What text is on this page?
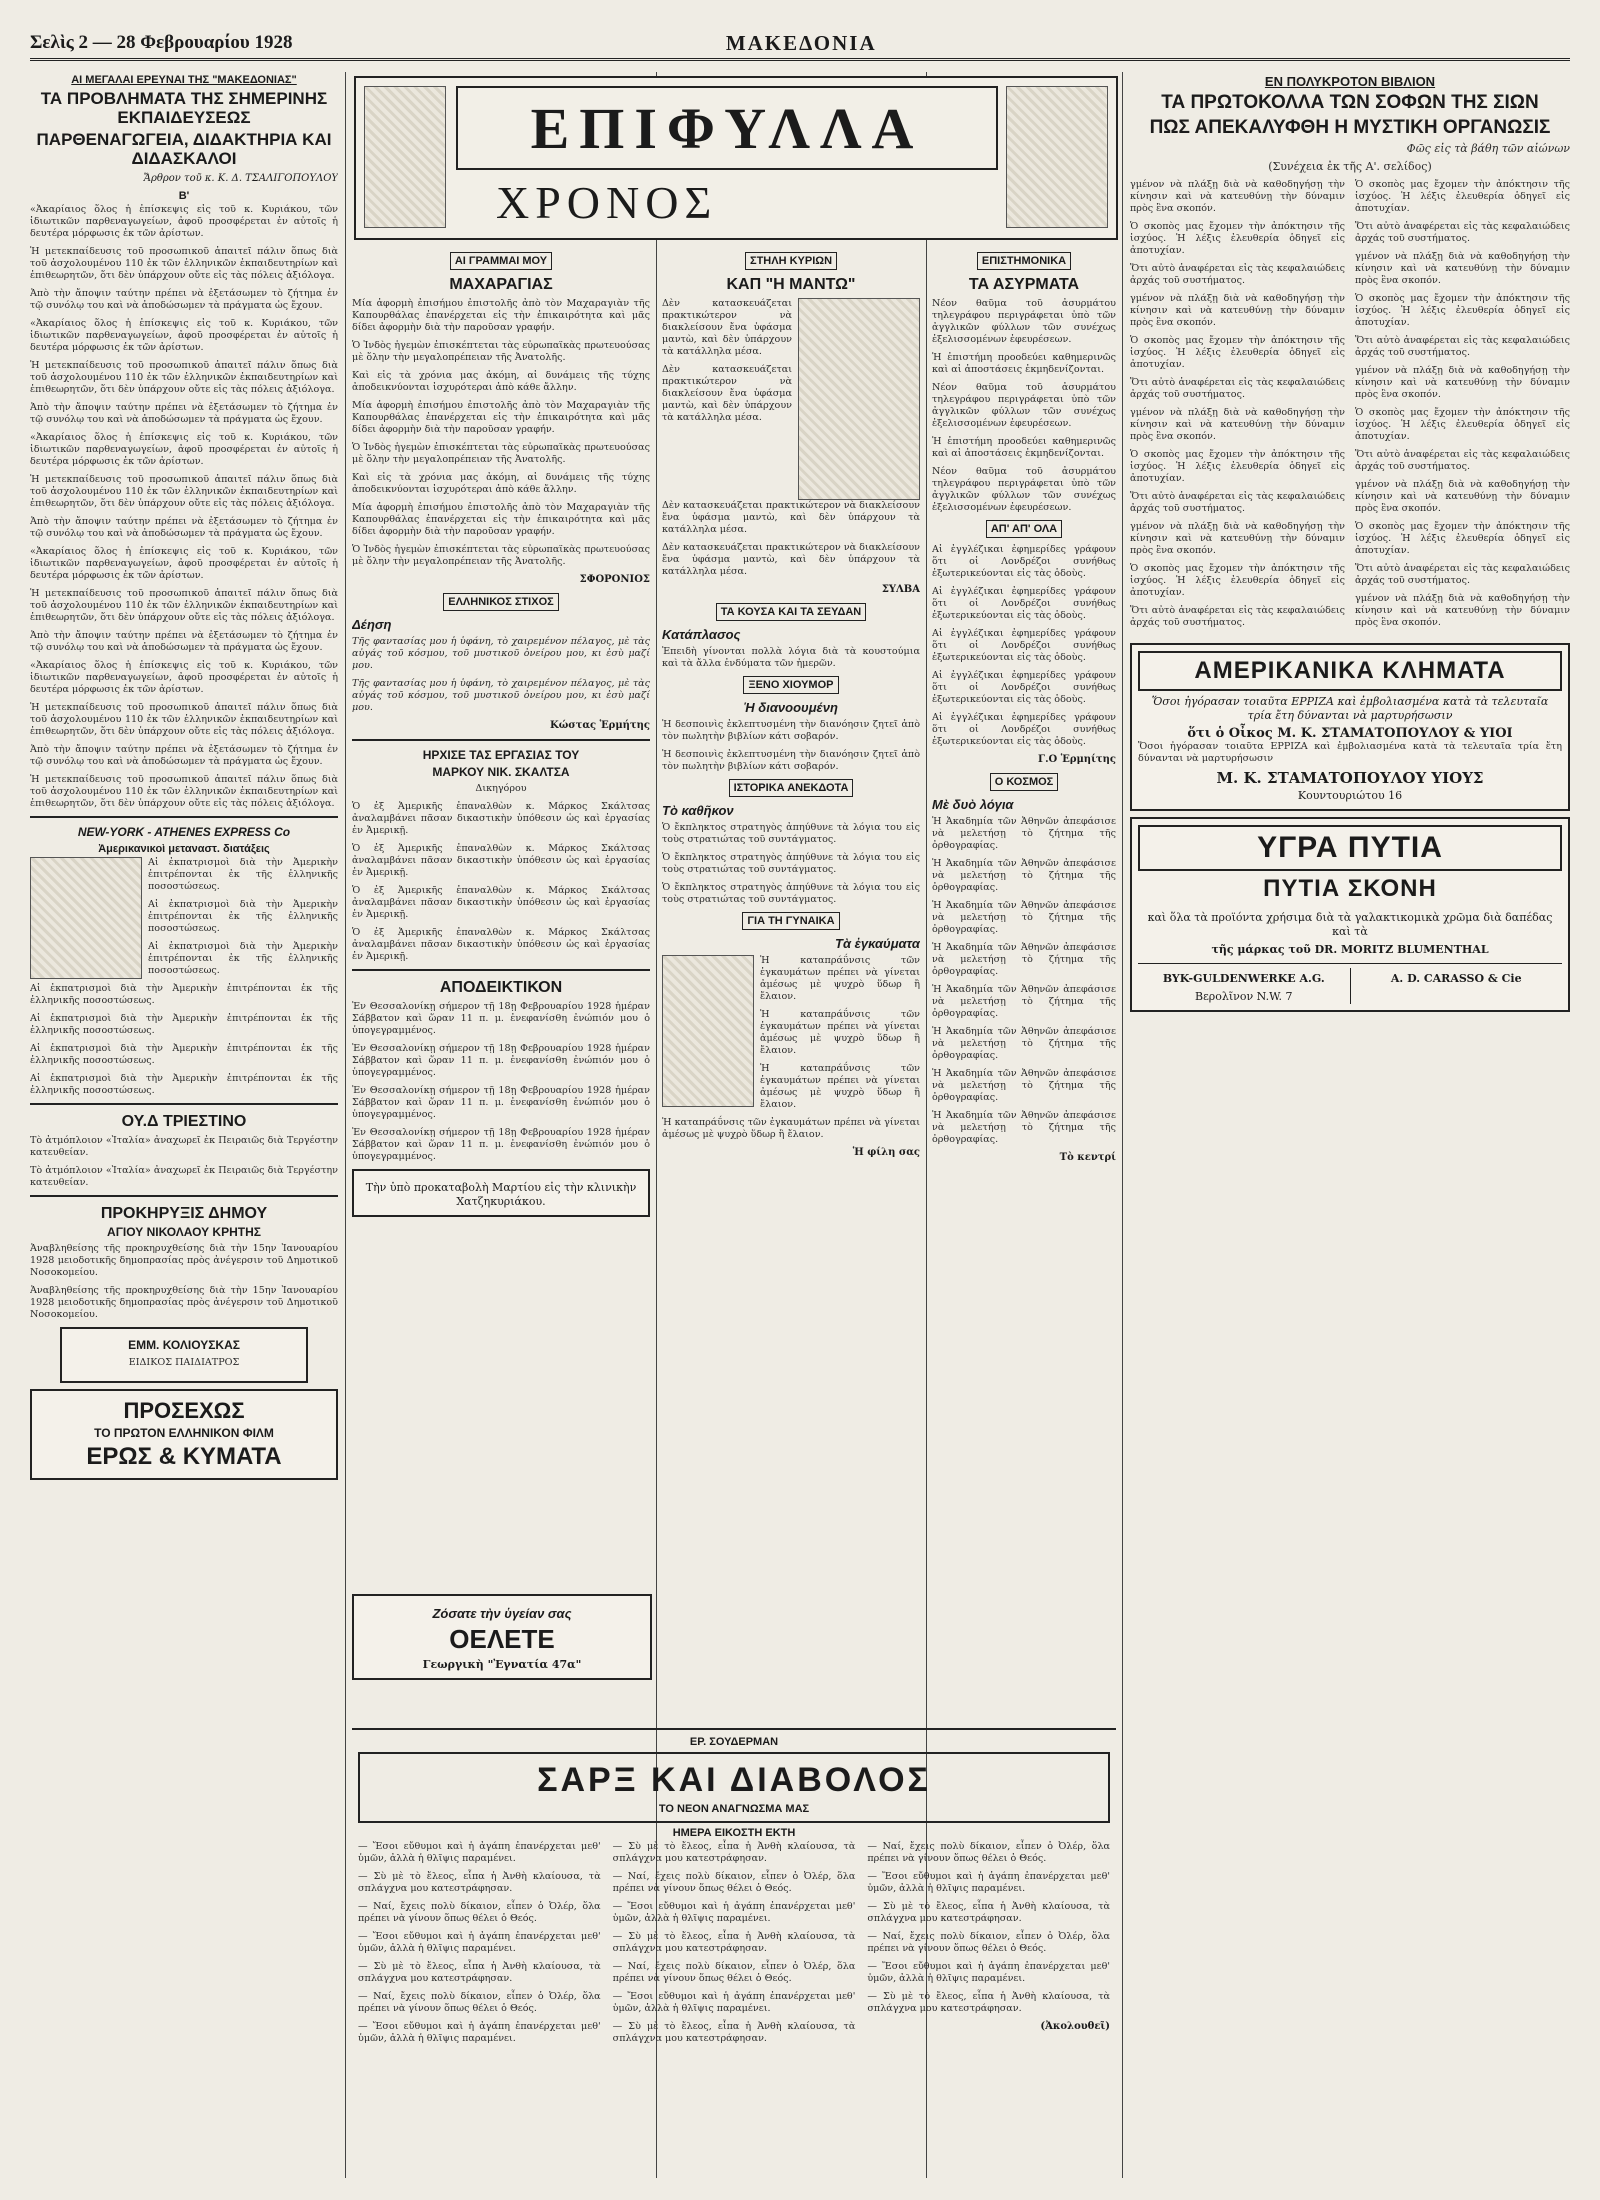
Σελὶς 2 — 28 Φεβρουαρίου 1928	ΜΑΚΕΔΟΝΙΑ
ΑΙ ΜΕΓΑΛΑΙ ΕΡΕΥΝΑΙ ΤΗΣ "ΜΑΚΕΔΟΝΙΑΣ"
ΤΑ ΠΡΟΒΛΗΜΑΤΑ ΤΗΣ ΣΗΜΕΡΙΝΗΣ ΕΚΠΑΙΔΕΥΣΕΩΣ
ΠΑΡΘΕΝΑΓΩΓΕΙΑ, ΔΙΔΑΚΤΗΡΙΑ ΚΑΙ ΔΙΔΑΣΚΑΛΟΙ
Ἄρθρον τοῦ κ. Κ. Δ. ΤΣΑΛΙΓΟΠΟΥΛΟΥ
Β'

«Ἀκαρίαιος ὅλος ἡ ἐπίσκεψις εἰς τοῦ κ. Κυριάκου, τῶν ἰδιωτικῶν παρθεναγωγείων, ἀφοῦ προσφέρεται ἐν αὐτοῖς ἡ δευτέρα μόρφωσις ἐκ τῶν ἀρίστων.

Ἡ μετεκπαίδευσις τοῦ προσωπικοῦ ἀπαιτεῖ πάλιν ὅπως διὰ τοῦ ἀσχολουμένου 110 ἐκ τῶν ἑλληνικῶν ἐκπαιδευτηρίων καὶ ἐπιθεωρητῶν, ὅτι δὲν ὑπάρχουν οὔτε εἰς τὰς πόλεις ἀξιόλογα.

Ἀπὸ τὴν ἄποψιν ταύτην πρέπει νὰ ἐξετάσωμεν τὸ ζήτημα ἐν τῷ συνόλῳ του καὶ νὰ ἀποδώσωμεν τὰ πράγματα ὡς ἔχουν.

«Ἀκαρίαιος ὅλος ἡ ἐπίσκεψις εἰς τοῦ κ. Κυριάκου, τῶν ἰδιωτικῶν παρθεναγωγείων, ἀφοῦ προσφέρεται ἐν αὐτοῖς ἡ δευτέρα μόρφωσις ἐκ τῶν ἀρίστων.

Ἡ μετεκπαίδευσις τοῦ προσωπικοῦ ἀπαιτεῖ πάλιν ὅπως διὰ τοῦ ἀσχολουμένου 110 ἐκ τῶν ἑλληνικῶν ἐκπαιδευτηρίων καὶ ἐπιθεωρητῶν, ὅτι δὲν ὑπάρχουν οὔτε εἰς τὰς πόλεις ἀξιόλογα.

Ἀπὸ τὴν ἄποψιν ταύτην πρέπει νὰ ἐξετάσωμεν τὸ ζήτημα ἐν τῷ συνόλῳ του καὶ νὰ ἀποδώσωμεν τὰ πράγματα ὡς ἔχουν.

«Ἀκαρίαιος ὅλος ἡ ἐπίσκεψις εἰς τοῦ κ. Κυριάκου, τῶν ἰδιωτικῶν παρθεναγωγείων, ἀφοῦ προσφέρεται ἐν αὐτοῖς ἡ δευτέρα μόρφωσις ἐκ τῶν ἀρίστων.

Ἡ μετεκπαίδευσις τοῦ προσωπικοῦ ἀπαιτεῖ πάλιν ὅπως διὰ τοῦ ἀσχολουμένου 110 ἐκ τῶν ἑλληνικῶν ἐκπαιδευτηρίων καὶ ἐπιθεωρητῶν, ὅτι δὲν ὑπάρχουν οὔτε εἰς τὰς πόλεις ἀξιόλογα.

Ἀπὸ τὴν ἄποψιν ταύτην πρέπει νὰ ἐξετάσωμεν τὸ ζήτημα ἐν τῷ συνόλῳ του καὶ νὰ ἀποδώσωμεν τὰ πράγματα ὡς ἔχουν.

«Ἀκαρίαιος ὅλος ἡ ἐπίσκεψις εἰς τοῦ κ. Κυριάκου, τῶν ἰδιωτικῶν παρθεναγωγείων, ἀφοῦ προσφέρεται ἐν αὐτοῖς ἡ δευτέρα μόρφωσις ἐκ τῶν ἀρίστων.

Ἡ μετεκπαίδευσις τοῦ προσωπικοῦ ἀπαιτεῖ πάλιν ὅπως διὰ τοῦ ἀσχολουμένου 110 ἐκ τῶν ἑλληνικῶν ἐκπαιδευτηρίων καὶ ἐπιθεωρητῶν, ὅτι δὲν ὑπάρχουν οὔτε εἰς τὰς πόλεις ἀξιόλογα.

Ἀπὸ τὴν ἄποψιν ταύτην πρέπει νὰ ἐξετάσωμεν τὸ ζήτημα ἐν τῷ συνόλῳ του καὶ νὰ ἀποδώσωμεν τὰ πράγματα ὡς ἔχουν.

«Ἀκαρίαιος ὅλος ἡ ἐπίσκεψις εἰς τοῦ κ. Κυριάκου, τῶν ἰδιωτικῶν παρθεναγωγείων, ἀφοῦ προσφέρεται ἐν αὐτοῖς ἡ δευτέρα μόρφωσις ἐκ τῶν ἀρίστων.

Ἡ μετεκπαίδευσις τοῦ προσωπικοῦ ἀπαιτεῖ πάλιν ὅπως διὰ τοῦ ἀσχολουμένου 110 ἐκ τῶν ἑλληνικῶν ἐκπαιδευτηρίων καὶ ἐπιθεωρητῶν, ὅτι δὲν ὑπάρχουν οὔτε εἰς τὰς πόλεις ἀξιόλογα.

Ἀπὸ τὴν ἄποψιν ταύτην πρέπει νὰ ἐξετάσωμεν τὸ ζήτημα ἐν τῷ συνόλῳ του καὶ νὰ ἀποδώσωμεν τὰ πράγματα ὡς ἔχουν.

Ἡ μετεκπαίδευσις τοῦ προσωπικοῦ ἀπαιτεῖ πάλιν ὅπως διὰ τοῦ ἀσχολουμένου 110 ἐκ τῶν ἑλληνικῶν ἐκπαιδευτηρίων καὶ ἐπιθεωρητῶν, ὅτι δὲν ὑπάρχουν οὔτε εἰς τὰς πόλεις ἀξιόλογα.

NEW-YORK - ATHENES EXPRESS Co
Ἀμερικανικοὶ μεταναστ. διατάξεις

Αἱ ἐκπατρισμοὶ διὰ τὴν Ἀμερικὴν ἐπιτρέπονται ἐκ τῆς ἐλληνικῆς ποσοστώσεως.

Αἱ ἐκπατρισμοὶ διὰ τὴν Ἀμερικὴν ἐπιτρέπονται ἐκ τῆς ἐλληνικῆς ποσοστώσεως.

Αἱ ἐκπατρισμοὶ διὰ τὴν Ἀμερικὴν ἐπιτρέπονται ἐκ τῆς ἐλληνικῆς ποσοστώσεως.

Αἱ ἐκπατρισμοὶ διὰ τὴν Ἀμερικὴν ἐπιτρέπονται ἐκ τῆς ἐλληνικῆς ποσοστώσεως.

Αἱ ἐκπατρισμοὶ διὰ τὴν Ἀμερικὴν ἐπιτρέπονται ἐκ τῆς ἐλληνικῆς ποσοστώσεως.

Αἱ ἐκπατρισμοὶ διὰ τὴν Ἀμερικὴν ἐπιτρέπονται ἐκ τῆς ἐλληνικῆς ποσοστώσεως.

Αἱ ἐκπατρισμοὶ διὰ τὴν Ἀμερικὴν ἐπιτρέπονται ἐκ τῆς ἐλληνικῆς ποσοστώσεως.

ΟΥ.Δ ΤΡΙΕΣΤΙΝΟ

Τὸ ἀτμόπλοιον «Ἰταλία» ἀναχωρεῖ ἐκ Πειραιῶς διὰ Τεργέστην κατευθείαν.

Τὸ ἀτμόπλοιον «Ἰταλία» ἀναχωρεῖ ἐκ Πειραιῶς διὰ Τεργέστην κατευθείαν.

ΠΡΟΚΗΡΥΞΙΣ ΔΗΜΟΥ
ΑΓΙΟΥ ΝΙΚΟΛΑΟΥ ΚΡΗΤΗΣ

Ἀναβληθείσης τῆς προκηρυχθείσης διὰ τὴν 15ην Ἰανουαρίου 1928 μειοδοτικῆς δημοπρασίας πρὸς ἀνέγερσιν τοῦ Δημοτικοῦ Νοσοκομείου.

Ἀναβληθείσης τῆς προκηρυχθείσης διὰ τὴν 15ην Ἰανουαρίου 1928 μειοδοτικῆς δημοπρασίας πρὸς ἀνέγερσιν τοῦ Δημοτικοῦ Νοσοκομείου.

ΕΜΜ. ΚΟΛΙΟΥΣΚΑΣ
ΕΙΔΙΚΟΣ ΠΑΙΔΙΑΤΡΟΣ
ΠΡΟΣΕΧΩΣ
ΤΟ ΠΡΩΤΟΝ ΕΛΛΗΝΙΚΟΝ ΦΙΛΜ
ΕΡΩΣ & ΚΥΜΑΤΑ
ΕΠΙΦΥΛΛΑ
ΧΡΟΝΟΣ
ΑΙ ΓΡΑΜΜΑΙ ΜΟΥ
ΜΑΧΑΡΑΓΙΑΣ

Μία ἀφορμὴ ἐπισήμου ἐπιστολῆς ἀπὸ τὸν Μαχαραγιὰν τῆς Καπουρθάλας ἐπανέρχεται εἰς τὴν ἐπικαιρότητα καὶ μᾶς δίδει ἀφορμὴν διὰ τὴν παροῦσαν γραφήν.

Ὁ Ἰνδὸς ἡγεμὼν ἐπισκέπτεται τὰς εὐρωπαϊκὰς πρωτευούσας μὲ ὅλην τὴν μεγαλοπρέπειαν τῆς Ἀνατολῆς.

Καὶ εἰς τὰ χρόνια μας ἀκόμη, αἱ δυνάμεις τῆς τύχης ἀποδεικνύονται ἰσχυρότεραι ἀπὸ κάθε ἄλλην.

Μία ἀφορμὴ ἐπισήμου ἐπιστολῆς ἀπὸ τὸν Μαχαραγιὰν τῆς Καπουρθάλας ἐπανέρχεται εἰς τὴν ἐπικαιρότητα καὶ μᾶς δίδει ἀφορμὴν διὰ τὴν παροῦσαν γραφήν.

Ὁ Ἰνδὸς ἡγεμὼν ἐπισκέπτεται τὰς εὐρωπαϊκὰς πρωτευούσας μὲ ὅλην τὴν μεγαλοπρέπειαν τῆς Ἀνατολῆς.

Καὶ εἰς τὰ χρόνια μας ἀκόμη, αἱ δυνάμεις τῆς τύχης ἀποδεικνύονται ἰσχυρότεραι ἀπὸ κάθε ἄλλην.

Μία ἀφορμὴ ἐπισήμου ἐπιστολῆς ἀπὸ τὸν Μαχαραγιὰν τῆς Καπουρθάλας ἐπανέρχεται εἰς τὴν ἐπικαιρότητα καὶ μᾶς δίδει ἀφορμὴν διὰ τὴν παροῦσαν γραφήν.

Ὁ Ἰνδὸς ἡγεμὼν ἐπισκέπτεται τὰς εὐρωπαϊκὰς πρωτευούσας μὲ ὅλην τὴν μεγαλοπρέπειαν τῆς Ἀνατολῆς.

ΣΦΟΡΟΝΙΟΣ
ΕΛΛΗΝΙΚΟΣ ΣΤΙΧΟΣ
Δέηση

Τῆς φαντασίας μου ἡ ὑφάνη, τὸ χαιρεμένον πέλαγος, μὲ τὰς αὐγάς τοῦ κόσμου, τοῦ μυστικοῦ ὀνείρου μου, κι ἐσὺ μαζί μου.

Τῆς φαντασίας μου ἡ ὑφάνη, τὸ χαιρεμένον πέλαγος, μὲ τὰς αὐγάς τοῦ κόσμου, τοῦ μυστικοῦ ὀνείρου μου, κι ἐσὺ μαζί μου.

Κώστας Ἑρμήτης
ΗΡΧΙΣΕ ΤΑΣ ΕΡΓΑΣΙΑΣ ΤΟΥ
ΜΑΡΚΟΥ ΝΙΚ. ΣΚΑΛΤΣΑ
Δικηγόρου

Ὁ ἐξ Ἀμερικῆς ἐπαναλθὼν κ. Μάρκος Σκάλτσας ἀναλαμβάνει πᾶσαν δικαστικὴν ὑπόθεσιν ὡς καὶ ἐργασίας ἐν Ἀμερικῇ.

Ὁ ἐξ Ἀμερικῆς ἐπαναλθὼν κ. Μάρκος Σκάλτσας ἀναλαμβάνει πᾶσαν δικαστικὴν ὑπόθεσιν ὡς καὶ ἐργασίας ἐν Ἀμερικῇ.

Ὁ ἐξ Ἀμερικῆς ἐπαναλθὼν κ. Μάρκος Σκάλτσας ἀναλαμβάνει πᾶσαν δικαστικὴν ὑπόθεσιν ὡς καὶ ἐργασίας ἐν Ἀμερικῇ.

Ὁ ἐξ Ἀμερικῆς ἐπαναλθὼν κ. Μάρκος Σκάλτσας ἀναλαμβάνει πᾶσαν δικαστικὴν ὑπόθεσιν ὡς καὶ ἐργασίας ἐν Ἀμερικῇ.

ΑΠΟΔΕΙΚΤΙΚΟΝ

Ἐν Θεσσαλονίκῃ σήμερον τῇ 18ῃ Φεβρουαρίου 1928 ἡμέραν Σάββατον καὶ ὥραν 11 π. μ. ἐνεφανίσθη ἐνώπιόν μου ὁ ὑπογεγραμμένος.

Ἐν Θεσσαλονίκῃ σήμερον τῇ 18ῃ Φεβρουαρίου 1928 ἡμέραν Σάββατον καὶ ὥραν 11 π. μ. ἐνεφανίσθη ἐνώπιόν μου ὁ ὑπογεγραμμένος.

Ἐν Θεσσαλονίκῃ σήμερον τῇ 18ῃ Φεβρουαρίου 1928 ἡμέραν Σάββατον καὶ ὥραν 11 π. μ. ἐνεφανίσθη ἐνώπιόν μου ὁ ὑπογεγραμμένος.

Ἐν Θεσσαλονίκῃ σήμερον τῇ 18ῃ Φεβρουαρίου 1928 ἡμέραν Σάββατον καὶ ὥραν 11 π. μ. ἐνεφανίσθη ἐνώπιόν μου ὁ ὑπογεγραμμένος.

Τὴν ὑπὸ προκαταβολὴ Μαρτίου εἰς τὴν κλινικὴν Χατζηκυριάκου.
ΣΤΗΛΗ ΚΥΡΙΩΝ
ΚΑΠ "Η ΜΑΝΤΩ"

Δὲν κατασκευάζεται πρακτικώτερον νὰ διακλείσουν ἔνα ὑφάσμα μαντὼ, καὶ δὲν ὑπάρχουν τὰ κατάλληλα μέσα.

Δὲν κατασκευάζεται πρακτικώτερον νὰ διακλείσουν ἔνα ὑφάσμα μαντὼ, καὶ δὲν ὑπάρχουν τὰ κατάλληλα μέσα.

Δὲν κατασκευάζεται πρακτικώτερον νὰ διακλείσουν ἔνα ὑφάσμα μαντὼ, καὶ δὲν ὑπάρχουν τὰ κατάλληλα μέσα.

Δὲν κατασκευάζεται πρακτικώτερον νὰ διακλείσουν ἔνα ὑφάσμα μαντὼ, καὶ δὲν ὑπάρχουν τὰ κατάλληλα μέσα.

ΣΥΛΒΑ
ΤΑ ΚΟΥΣΑ ΚΑΙ ΤΑ ΣΕΥΔΑΝ
Κατάπλασος

Ἐπειδὴ γίνονται πολλὰ λόγια διὰ τὰ κουστούμια καὶ τὰ ἄλλα ἐνδύματα τῶν ἡμερῶν.

ΞΕΝΟ ΧΙΟΥΜΟΡ
Ἡ διανοουμένη

Ἡ δεσποινὶς ἐκλεπτυσμένη τὴν διανόησιν ζητεῖ ἀπὸ τὸν πωλητὴν βιβλίων κάτι σοβαρόν.

Ἡ δεσποινὶς ἐκλεπτυσμένη τὴν διανόησιν ζητεῖ ἀπὸ τὸν πωλητὴν βιβλίων κάτι σοβαρόν.

ΙΣΤΟΡΙΚΑ ΑΝΕΚΔΟΤΑ
Τὸ καθῆκον

Ὁ ἔκπληκτος στρατηγὸς ἀπηύθυνε τὰ λόγια του εἰς τοὺς στρατιώτας τοῦ συντάγματος.

Ὁ ἔκπληκτος στρατηγὸς ἀπηύθυνε τὰ λόγια του εἰς τοὺς στρατιώτας τοῦ συντάγματος.

Ὁ ἔκπληκτος στρατηγὸς ἀπηύθυνε τὰ λόγια του εἰς τοὺς στρατιώτας τοῦ συντάγματος.

ΓΙΑ ΤΗ ΓΥΝΑΙΚΑ
Τὰ ἐγκαύματα

Ἡ καταπράΰνσις τῶν ἐγκαυμάτων πρέπει νὰ γίνεται ἀμέσως μὲ ψυχρὸ ὕδωρ ἢ ἔλαιον.

Ἡ καταπράΰνσις τῶν ἐγκαυμάτων πρέπει νὰ γίνεται ἀμέσως μὲ ψυχρὸ ὕδωρ ἢ ἔλαιον.

Ἡ καταπράΰνσις τῶν ἐγκαυμάτων πρέπει νὰ γίνεται ἀμέσως μὲ ψυχρὸ ὕδωρ ἢ ἔλαιον.

Ἡ καταπράΰνσις τῶν ἐγκαυμάτων πρέπει νὰ γίνεται ἀμέσως μὲ ψυχρὸ ὕδωρ ἢ ἔλαιον.

Ἡ φίλη σας
ΕΠΙΣΤΗΜΟΝΙΚΑ
ΤΑ ΑΣΥΡΜΑΤΑ

Νέον θαῦμα τοῦ ἀσυρμάτου τηλεγράφου περιγράφεται ὑπὸ τῶν ἀγγλικῶν φύλλων τῶν συνέχως ἐξελισσομένων ἐφευρέσεων.

Ἡ ἐπιστήμη προοδεύει καθημερινῶς καὶ αἱ ἀποστάσεις ἐκμηδενίζονται.

Νέον θαῦμα τοῦ ἀσυρμάτου τηλεγράφου περιγράφεται ὑπὸ τῶν ἀγγλικῶν φύλλων τῶν συνέχως ἐξελισσομένων ἐφευρέσεων.

Ἡ ἐπιστήμη προοδεύει καθημερινῶς καὶ αἱ ἀποστάσεις ἐκμηδενίζονται.

Νέον θαῦμα τοῦ ἀσυρμάτου τηλεγράφου περιγράφεται ὑπὸ τῶν ἀγγλικῶν φύλλων τῶν συνέχως ἐξελισσομένων ἐφευρέσεων.

ΑΠ' ΑΠ' ΟΛΑ

Αἱ ἐγγλέζικαι ἐφημερίδες γράφουν ὅτι οἱ Λονδρέζοι συνήθως ἐξωτερικεύονται εἰς τὰς ὁδοὺς.

Αἱ ἐγγλέζικαι ἐφημερίδες γράφουν ὅτι οἱ Λονδρέζοι συνήθως ἐξωτερικεύονται εἰς τὰς ὁδοὺς.

Αἱ ἐγγλέζικαι ἐφημερίδες γράφουν ὅτι οἱ Λονδρέζοι συνήθως ἐξωτερικεύονται εἰς τὰς ὁδοὺς.

Αἱ ἐγγλέζικαι ἐφημερίδες γράφουν ὅτι οἱ Λονδρέζοι συνήθως ἐξωτερικεύονται εἰς τὰς ὁδοὺς.

Αἱ ἐγγλέζικαι ἐφημερίδες γράφουν ὅτι οἱ Λονδρέζοι συνήθως ἐξωτερικεύονται εἰς τὰς ὁδοὺς.

Γ.Ο Ἑρμηίτης
Ο ΚΟΣΜΟΣ
Μὲ δυὸ λόγια

Ἡ Ἀκαδημία τῶν Ἀθηνῶν ἀπεφάσισε νὰ μελετήσῃ τὸ ζήτημα τῆς ὀρθογραφίας.

Ἡ Ἀκαδημία τῶν Ἀθηνῶν ἀπεφάσισε νὰ μελετήσῃ τὸ ζήτημα τῆς ὀρθογραφίας.

Ἡ Ἀκαδημία τῶν Ἀθηνῶν ἀπεφάσισε νὰ μελετήσῃ τὸ ζήτημα τῆς ὀρθογραφίας.

Ἡ Ἀκαδημία τῶν Ἀθηνῶν ἀπεφάσισε νὰ μελετήσῃ τὸ ζήτημα τῆς ὀρθογραφίας.

Ἡ Ἀκαδημία τῶν Ἀθηνῶν ἀπεφάσισε νὰ μελετήσῃ τὸ ζήτημα τῆς ὀρθογραφίας.

Ἡ Ἀκαδημία τῶν Ἀθηνῶν ἀπεφάσισε νὰ μελετήσῃ τὸ ζήτημα τῆς ὀρθογραφίας.

Ἡ Ἀκαδημία τῶν Ἀθηνῶν ἀπεφάσισε νὰ μελετήσῃ τὸ ζήτημα τῆς ὀρθογραφίας.

Ἡ Ἀκαδημία τῶν Ἀθηνῶν ἀπεφάσισε νὰ μελετήσῃ τὸ ζήτημα τῆς ὀρθογραφίας.

Τὸ κεντρί
ΕΝ ΠΟΛΥΚΡΟΤΟΝ ΒΙΒΛΙΟΝ
ΤΑ ΠΡΩΤΟΚΟΛΛΑ ΤΩΝ ΣΟΦΩΝ ΤΗΣ ΣΙΩΝ
ΠΩΣ ΑΠΕΚΑΛΥΦΘΗ Η ΜΥΣΤΙΚΗ ΟΡΓΑΝΩΣΙΣ
Φῶς εἰς τὰ βάθη τῶν αἰώνων
(Συνέχεια ἐκ τῆς Α'. σελίδος)

γμένον νὰ πλάξῃ διὰ νὰ καθοδηγήσῃ τὴν κίνησιν καὶ νὰ κατευθύνῃ τὴν δύναμιν πρὸς ἓνα σκοπόν.

Ὁ σκοπὸς μας ἔχομεν τὴν ἀπόκτησιν τῆς ἰσχύος. Ἡ λέξις ἐλευθερία ὁδηγεῖ εἰς ἀποτυχίαν.

Ὅτι αὐτὸ ἀναφέρεται εἰς τὰς κεφαλαιώδεις ἀρχάς τοῦ συστήματος.

γμένον νὰ πλάξῃ διὰ νὰ καθοδηγήσῃ τὴν κίνησιν καὶ νὰ κατευθύνῃ τὴν δύναμιν πρὸς ἓνα σκοπόν.

Ὁ σκοπὸς μας ἔχομεν τὴν ἀπόκτησιν τῆς ἰσχύος. Ἡ λέξις ἐλευθερία ὁδηγεῖ εἰς ἀποτυχίαν.

Ὅτι αὐτὸ ἀναφέρεται εἰς τὰς κεφαλαιώδεις ἀρχάς τοῦ συστήματος.

γμένον νὰ πλάξῃ διὰ νὰ καθοδηγήσῃ τὴν κίνησιν καὶ νὰ κατευθύνῃ τὴν δύναμιν πρὸς ἓνα σκοπόν.

Ὁ σκοπὸς μας ἔχομεν τὴν ἀπόκτησιν τῆς ἰσχύος. Ἡ λέξις ἐλευθερία ὁδηγεῖ εἰς ἀποτυχίαν.

Ὅτι αὐτὸ ἀναφέρεται εἰς τὰς κεφαλαιώδεις ἀρχάς τοῦ συστήματος.

γμένον νὰ πλάξῃ διὰ νὰ καθοδηγήσῃ τὴν κίνησιν καὶ νὰ κατευθύνῃ τὴν δύναμιν πρὸς ἓνα σκοπόν.

Ὁ σκοπὸς μας ἔχομεν τὴν ἀπόκτησιν τῆς ἰσχύος. Ἡ λέξις ἐλευθερία ὁδηγεῖ εἰς ἀποτυχίαν.

Ὅτι αὐτὸ ἀναφέρεται εἰς τὰς κεφαλαιώδεις ἀρχάς τοῦ συστήματος.

Ὁ σκοπὸς μας ἔχομεν τὴν ἀπόκτησιν τῆς ἰσχύος. Ἡ λέξις ἐλευθερία ὁδηγεῖ εἰς ἀποτυχίαν.

Ὅτι αὐτὸ ἀναφέρεται εἰς τὰς κεφαλαιώδεις ἀρχάς τοῦ συστήματος.

γμένον νὰ πλάξῃ διὰ νὰ καθοδηγήσῃ τὴν κίνησιν καὶ νὰ κατευθύνῃ τὴν δύναμιν πρὸς ἓνα σκοπόν.

Ὁ σκοπὸς μας ἔχομεν τὴν ἀπόκτησιν τῆς ἰσχύος. Ἡ λέξις ἐλευθερία ὁδηγεῖ εἰς ἀποτυχίαν.

Ὅτι αὐτὸ ἀναφέρεται εἰς τὰς κεφαλαιώδεις ἀρχάς τοῦ συστήματος.

γμένον νὰ πλάξῃ διὰ νὰ καθοδηγήσῃ τὴν κίνησιν καὶ νὰ κατευθύνῃ τὴν δύναμιν πρὸς ἓνα σκοπόν.

Ὁ σκοπὸς μας ἔχομεν τὴν ἀπόκτησιν τῆς ἰσχύος. Ἡ λέξις ἐλευθερία ὁδηγεῖ εἰς ἀποτυχίαν.

Ὅτι αὐτὸ ἀναφέρεται εἰς τὰς κεφαλαιώδεις ἀρχάς τοῦ συστήματος.

γμένον νὰ πλάξῃ διὰ νὰ καθοδηγήσῃ τὴν κίνησιν καὶ νὰ κατευθύνῃ τὴν δύναμιν πρὸς ἓνα σκοπόν.

Ὁ σκοπὸς μας ἔχομεν τὴν ἀπόκτησιν τῆς ἰσχύος. Ἡ λέξις ἐλευθερία ὁδηγεῖ εἰς ἀποτυχίαν.

Ὅτι αὐτὸ ἀναφέρεται εἰς τὰς κεφαλαιώδεις ἀρχάς τοῦ συστήματος.

γμένον νὰ πλάξῃ διὰ νὰ καθοδηγήσῃ τὴν κίνησιν καὶ νὰ κατευθύνῃ τὴν δύναμιν πρὸς ἓνα σκοπόν.

ΑΜΕΡΙΚΑΝΙΚΑ ΚΛΗΜΑΤΑ
Ὅσοι ἠγόρασαν τοιαῦτα ΕΡΡΙΖΑ καὶ ἐμβολιασμένα κατὰ τὰ τελευταῖα τρία ἔτη δύνανται νὰ μαρτυρήσωσιν
ὅτι ὁ Οἶκος Μ. Κ. ΣΤΑΜΑΤΟΠΟΥΛΟΥ & ΥΙΟΙ

Ὅσοι ἠγόρασαν τοιαῦτα ΕΡΡΙΖΑ καὶ ἐμβολιασμένα κατὰ τὰ τελευταῖα τρία ἔτη δύνανται νὰ μαρτυρήσωσιν

Μ. Κ. ΣΤΑΜΑΤΟΠΟΥΛΟΥ ΥΙΟΥΣ
Κουντουριώτου 16
ΥΓΡΑ ΠΥΤΙΑ
ΠΥΤΙΑ ΣΚΟΝΗ
καὶ ὅλα τὰ προϊόντα χρήσιμα διὰ τὰ γαλακτικομικὰ χρῶμα διὰ δαπέδας καὶ τὰ
τῆς μάρκας τοῦ DR. MORITZ BLUMENTHAL
BYK-GULDENWERKE A.G.
Βερολῖνον N.W. 7
A. D. CARASSO & Cie
Ζόσατε τὴν ὑγείαν σας
ΟΕΛΕΤΕ
Γεωργικὴ "Ἐγνατία 47α"
ΕΡ. ΣΟΥΔΕΡΜΑΝ
ΣΑΡΞ ΚΑΙ ΔΙΑΒΟΛΟΣ
ΤΟ ΝΕΟΝ ΑΝΑΓΝΩΣΜΑ ΜΑΣ
ΗΜΕΡΑ ΕΙΚΟΣΤΗ ΕΚΤΗ

— Ἔσοι εὔθυμοι καὶ ἡ ἀγάπη ἐπανέρχεται μεθ' ὑμῶν, ἀλλὰ ἡ θλῖψις παραμένει.

— Σὺ μὲ τὸ ἔλεος, εἶπα ἡ Ἀνθὴ κλαίουσα, τὰ σπλάγχνα μου κατεστράφησαν.

— Ναί, ἔχεις πολὺ δίκαιον, εἶπεν ὁ Ὀλέρ, ὅλα πρέπει νὰ γίνουν ὅπως θέλει ὁ Θεός.

— Ἔσοι εὔθυμοι καὶ ἡ ἀγάπη ἐπανέρχεται μεθ' ὑμῶν, ἀλλὰ ἡ θλῖψις παραμένει.

— Σὺ μὲ τὸ ἔλεος, εἶπα ἡ Ἀνθὴ κλαίουσα, τὰ σπλάγχνα μου κατεστράφησαν.

— Ναί, ἔχεις πολὺ δίκαιον, εἶπεν ὁ Ὀλέρ, ὅλα πρέπει νὰ γίνουν ὅπως θέλει ὁ Θεός.

— Ἔσοι εὔθυμοι καὶ ἡ ἀγάπη ἐπανέρχεται μεθ' ὑμῶν, ἀλλὰ ἡ θλῖψις παραμένει.

— Σὺ μὲ τὸ ἔλεος, εἶπα ἡ Ἀνθὴ κλαίουσα, τὰ σπλάγχνα μου κατεστράφησαν.

— Ναί, ἔχεις πολὺ δίκαιον, εἶπεν ὁ Ὀλέρ, ὅλα πρέπει νὰ γίνουν ὅπως θέλει ὁ Θεός.

— Ἔσοι εὔθυμοι καὶ ἡ ἀγάπη ἐπανέρχεται μεθ' ὑμῶν, ἀλλὰ ἡ θλῖψις παραμένει.

— Σὺ μὲ τὸ ἔλεος, εἶπα ἡ Ἀνθὴ κλαίουσα, τὰ σπλάγχνα μου κατεστράφησαν.

— Ναί, ἔχεις πολὺ δίκαιον, εἶπεν ὁ Ὀλέρ, ὅλα πρέπει νὰ γίνουν ὅπως θέλει ὁ Θεός.

— Ἔσοι εὔθυμοι καὶ ἡ ἀγάπη ἐπανέρχεται μεθ' ὑμῶν, ἀλλὰ ἡ θλῖψις παραμένει.

— Σὺ μὲ τὸ ἔλεος, εἶπα ἡ Ἀνθὴ κλαίουσα, τὰ σπλάγχνα μου κατεστράφησαν.

— Ναί, ἔχεις πολὺ δίκαιον, εἶπεν ὁ Ὀλέρ, ὅλα πρέπει νὰ γίνουν ὅπως θέλει ὁ Θεός.

— Ἔσοι εὔθυμοι καὶ ἡ ἀγάπη ἐπανέρχεται μεθ' ὑμῶν, ἀλλὰ ἡ θλῖψις παραμένει.

— Σὺ μὲ τὸ ἔλεος, εἶπα ἡ Ἀνθὴ κλαίουσα, τὰ σπλάγχνα μου κατεστράφησαν.

— Ναί, ἔχεις πολὺ δίκαιον, εἶπεν ὁ Ὀλέρ, ὅλα πρέπει νὰ γίνουν ὅπως θέλει ὁ Θεός.

— Ἔσοι εὔθυμοι καὶ ἡ ἀγάπη ἐπανέρχεται μεθ' ὑμῶν, ἀλλὰ ἡ θλῖψις παραμένει.

— Σὺ μὲ τὸ ἔλεος, εἶπα ἡ Ἀνθὴ κλαίουσα, τὰ σπλάγχνα μου κατεστράφησαν.

(Ἀκολουθεῖ)
